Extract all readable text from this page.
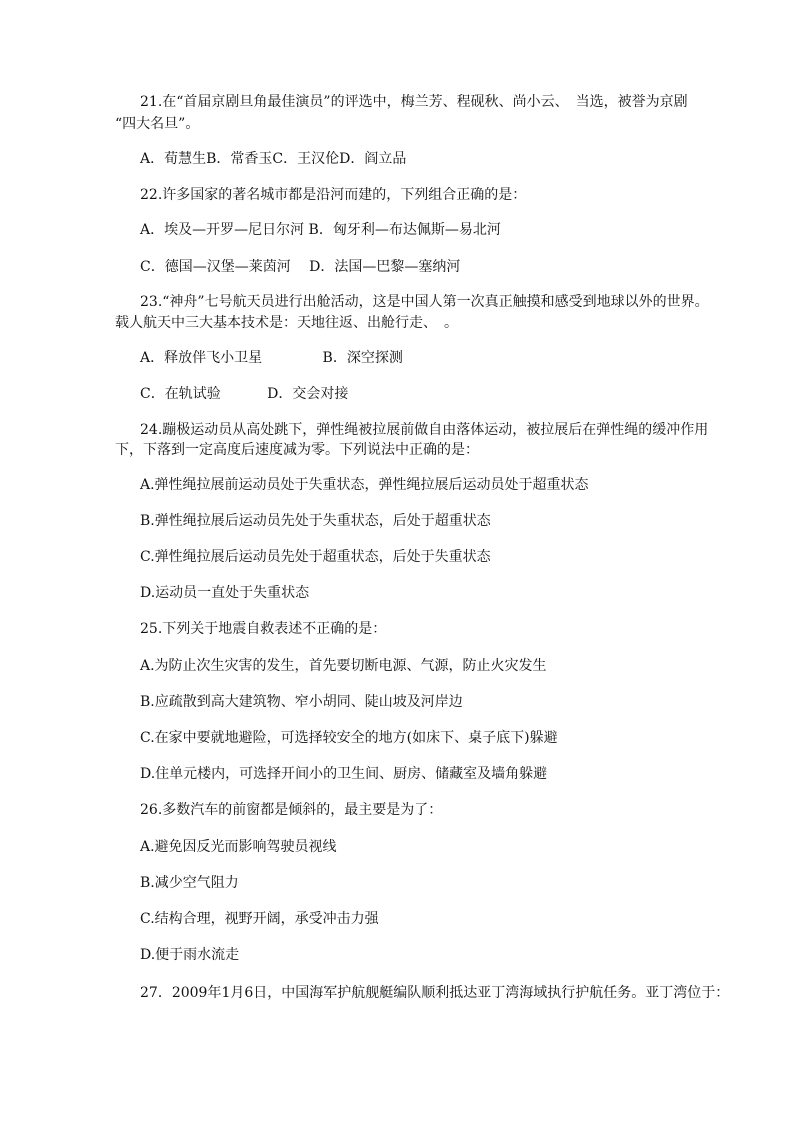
21.在“首届京剧旦角最佳演员”的评选中，梅兰芳、程砚秋、尚小云、　当选，被誉为京剧
“四大名旦”。
A．荀慧生B．常香玉C．王汉伦D．阎立品
22.许多国家的著名城市都是沿河而建的，下列组合正确的是：
A．埃及—开罗—尼日尔河 B．匈牙利—布达佩斯—易北河
C．德国—汉堡—莱茵河　 D．法国—巴黎—塞纳河
23.“神舟”七号航天员进行出舱活动，这是中国人第一次真正触摸和感受到地球以外的世界。
载人航天中三大基本技术是：天地往返、出舱行走、　。
A．释放伴飞小卫星　　　　 B．深空探测
C．在轨试验　　　 D．交会对接
24.蹦极运动员从高处跳下，弹性绳被拉展前做自由落体运动，被拉展后在弹性绳的缓冲作用
下，下落到一定高度后速度减为零。下列说法中正确的是：
A.弹性绳拉展前运动员处于失重状态，弹性绳拉展后运动员处于超重状态
B.弹性绳拉展后运动员先处于失重状态，后处于超重状态
C.弹性绳拉展后运动员先处于超重状态，后处于失重状态
D.运动员一直处于失重状态
25.下列关于地震自救表述不正确的是：
A.为防止次生灾害的发生，首先要切断电源、气源，防止火灾发生
B.应疏散到高大建筑物、窄小胡同、陡山坡及河岸边
C.在家中要就地避险，可选择较安全的地方(如床下、桌子底下)躲避
D.住单元楼内，可选择开间小的卫生间、厨房、储藏室及墙角躲避
26.多数汽车的前窗都是倾斜的，最主要是为了：
A.避免因反光而影响驾驶员视线
B.减少空气阻力
C.结构合理，视野开阔，承受冲击力强
D.便于雨水流走
27．2009年1月6日，中国海军护航舰艇编队顺利抵达亚丁湾海域执行护航任务。亚丁湾位于：
